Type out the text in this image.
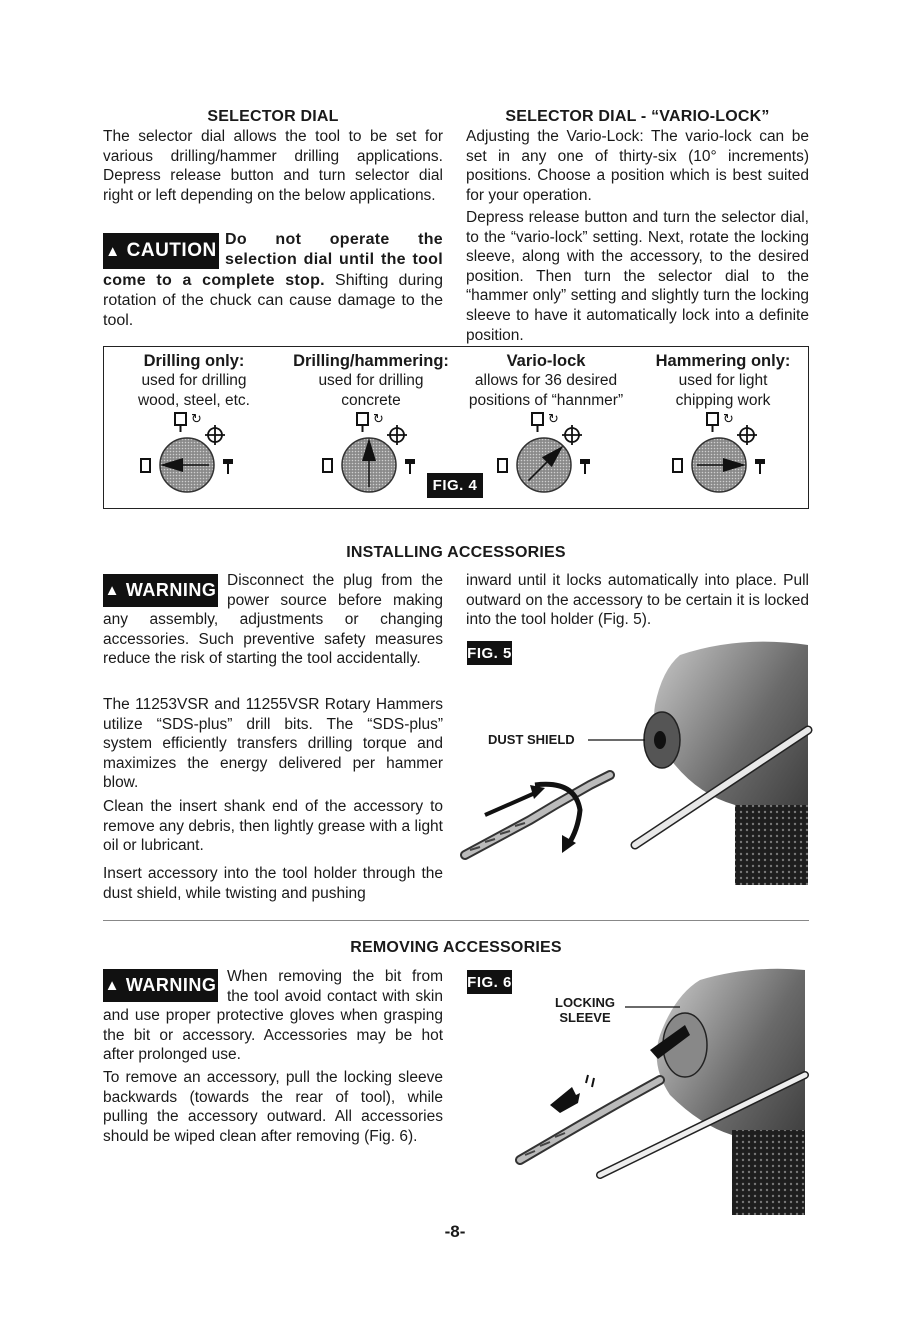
SELECTOR DIAL
The selector dial allows the tool to be set for various drilling/hammer drilling applications. Depress release button and turn selector dial right or left depending on the below applications.
▲ CAUTION
Do not operate the selection dial until the tool come to a complete stop. Shifting during rotation of the chuck can cause damage to the tool.
SELECTOR DIAL - “VARIO-LOCK”
Adjusting the Vario-Lock: The vario-lock can be set in any one of thirty-six (10° increments) positions. Choose a position which is best suited for your operation.
Depress release button and turn the selector dial, to the “vario-lock” setting. Next, rotate the locking sleeve, along with the accessory, to the desired position. Then turn the selector dial to the “hammer only” setting and slightly turn the locking sleeve to have it automatically lock into a definite position.
Drilling only:
used for drilling
wood, steel, etc.
Drilling/hammering:
used for drilling
concrete
Vario-lock
allows for 36 desired
positions of “hannmer”
Hammering only:
used for light
chipping work
↻
FIG. 4
INSTALLING ACCESSORIES
▲ WARNING Disconnect the plug from the power source before making any assembly, adjustments or changing accessories. Such preventive safety measures reduce the risk of starting the tool accidentally.
The 11253VSR and 11255VSR Rotary Hammers utilize “SDS-plus” drill bits. The “SDS-plus” system efficiently transfers drilling torque and maximizes the energy delivered per hammer blow.
Clean the insert shank end of the accessory to remove any debris, then lightly grease with a light oil or lubricant.
Insert accessory into the tool holder through the dust shield, while twisting and pushing
inward until it locks automatically into place. Pull outward on the accessory to be certain it is locked into the tool holder (Fig. 5).
FIG. 5
DUST SHIELD
REMOVING ACCESSORIES
▲ WARNING When removing the bit from the tool avoid contact with skin and use proper protective gloves when grasping the bit or accessory. Accessories may be hot after prolonged use.
To remove an accessory, pull the locking sleeve backwards (towards the rear of tool), while pulling the accessory outward. All accessories should be wiped clean after removing (Fig. 6).
FIG. 6
LOCKING
SLEEVE
-8-
